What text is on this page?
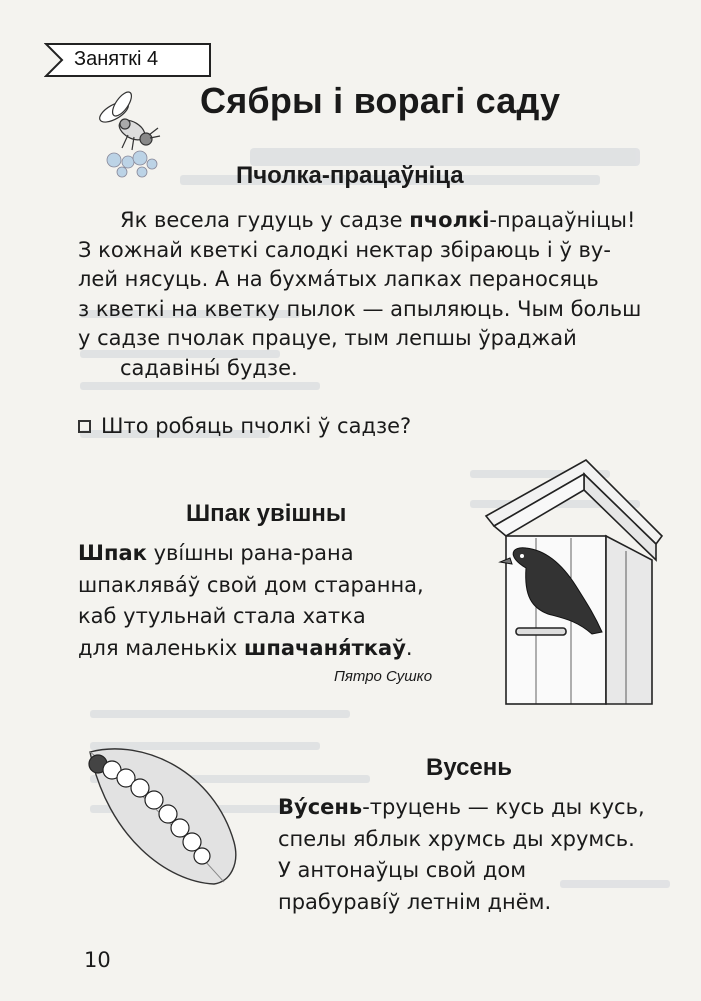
Заняткі 4
Сябры і ворагі саду
Пчолка-працаўніца
Як весела гудуць у садзе пчолкі-працаўніцы!
З кожнай кветкі салодкі нектар збіраюць і ў ву-
лей нясуць. А на бухма́тых лапках пераносяць
з кветкі на кветку пылок — апыляюць. Чым больш
у садзе пчолак працуе, тым лепшы ўраджай
садавіны́ будзе.
Што робяць пчолкі ў садзе?
Шпак увішны
Шпак уві́шны рана-рана
шпаклява́ў свой дом старанна,
каб утульнай стала хатка
для маленькіх шпачаня́ткаў.
Пятро Сушко
Вусень
Ву́сень-труцень — кусь ды кусь,
спелы яблык хрумсь ды хрумсь.
У антонаўцы свой дом
прабураві́ў летнім днём.
10
